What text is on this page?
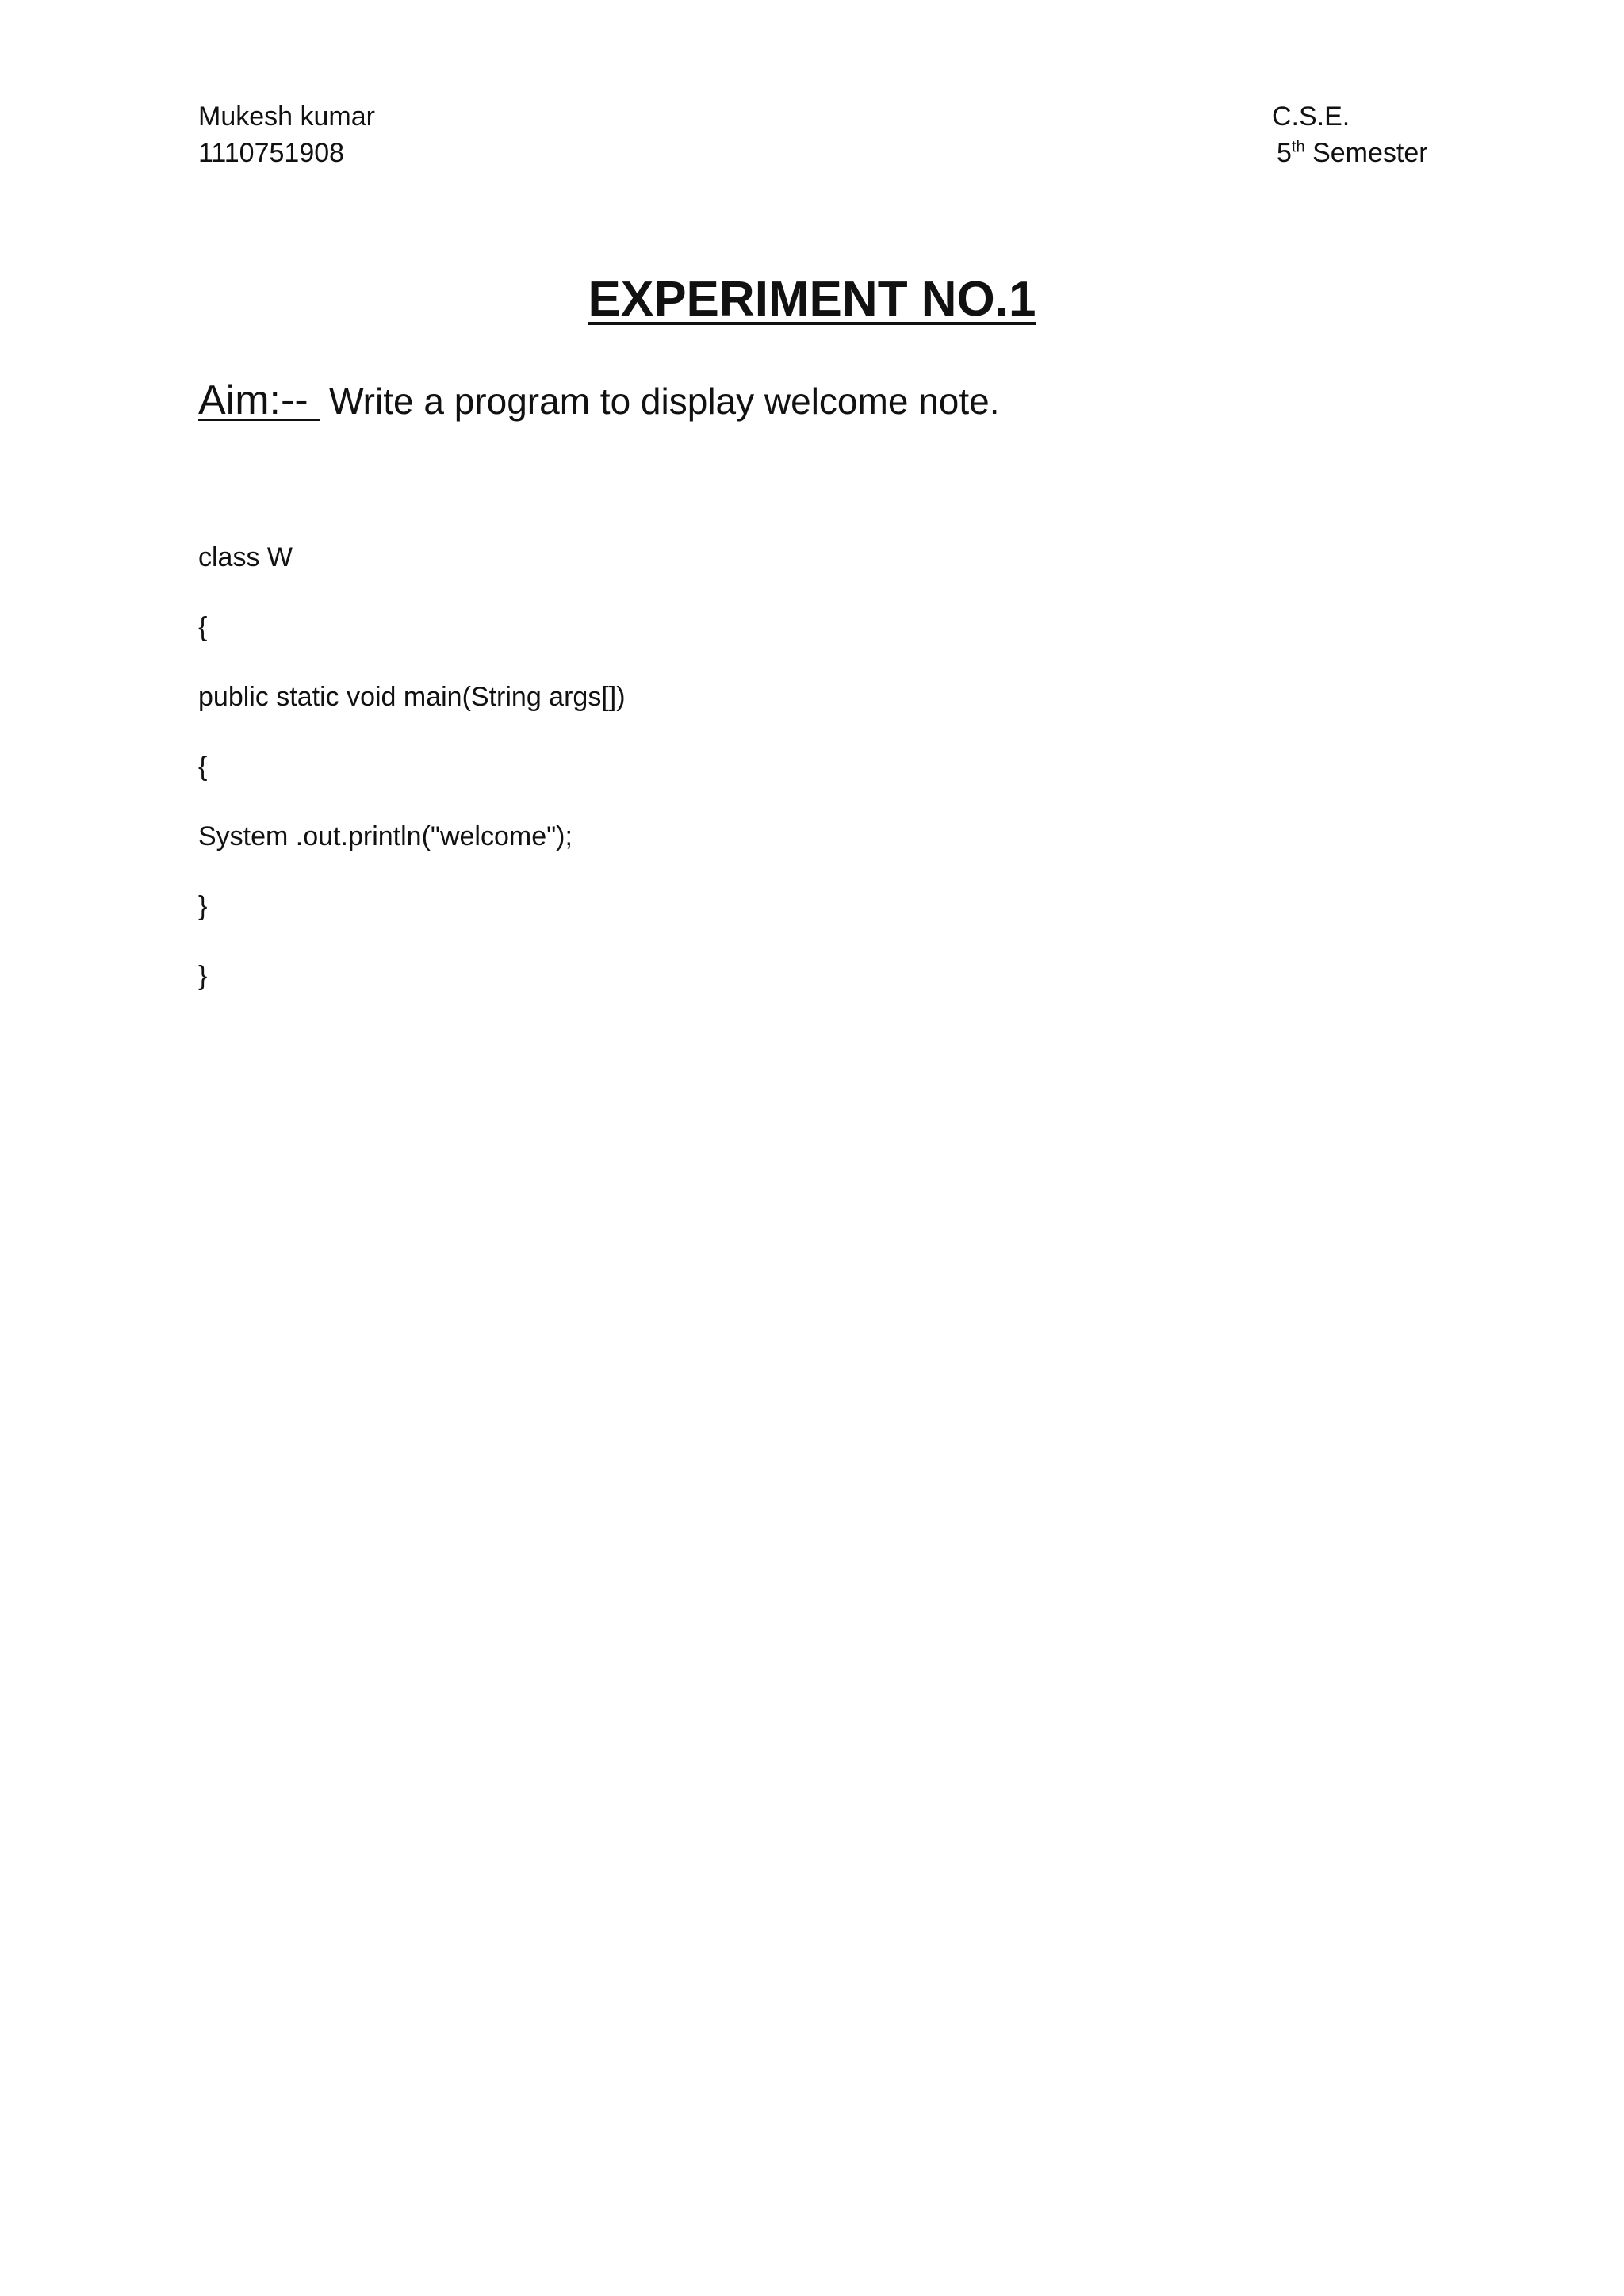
Mukesh kumar
1110751908
C.S.E.
5th Semester
EXPERIMENT NO.1
Aim:-- Write a program to display welcome note.
class W
{
public static void main(String args[])
{
System .out.println("welcome");
}
}
